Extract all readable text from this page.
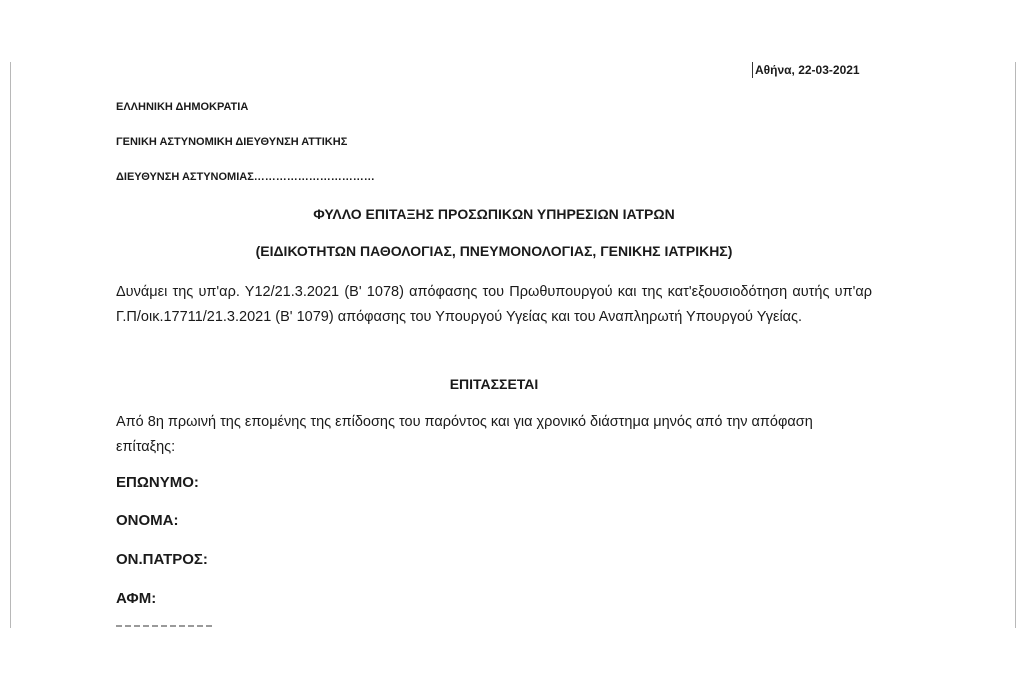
Αθήνα, 22-03-2021
ΕΛΛΗΝΙΚΗ ΔΗΜΟΚΡΑΤΙΑ
ΓΕΝΙΚΗ ΑΣΤΥΝΟΜΙΚΗ ΔΙΕΥΘΥΝΣΗ ΑΤΤΙΚΗΣ
ΔΙΕΥΘΥΝΣΗ ΑΣΤΥΝΟΜΙΑΣ……………………………
ΦΥΛΛΟ ΕΠΙΤΑΞΗΣ ΠΡΟΣΩΠΙΚΩΝ ΥΠΗΡΕΣΙΩΝ ΙΑΤΡΩΝ
(ΕΙΔΙΚΟΤΗΤΩΝ ΠΑΘΟΛΟΓΙΑΣ, ΠΝΕΥΜΟΝΟΛΟΓΙΑΣ, ΓΕΝΙΚΗΣ ΙΑΤΡΙΚΗΣ)
Δυνάμει της υπ'αρ. Υ12/21.3.2021 (Β' 1078) απόφασης του Πρωθυπουργού και της κατ'εξουσιοδότηση αυτής υπ'αρ Γ.Π/οικ.17711/21.3.2021 (Β' 1079) απόφασης του Υπουργού Υγείας και του Αναπληρωτή Υπουργού Υγείας.
ΕΠΙΤΑΣΣΕΤΑΙ
Από 8η πρωινή της επομένης της επίδοσης του παρόντος και για χρονικό διάστημα μηνός από την απόφαση επίταξης:
ΕΠΩΝΥΜΟ:
ΟΝΟΜΑ:
ΟΝ.ΠΑΤΡΟΣ:
ΑΦΜ:
